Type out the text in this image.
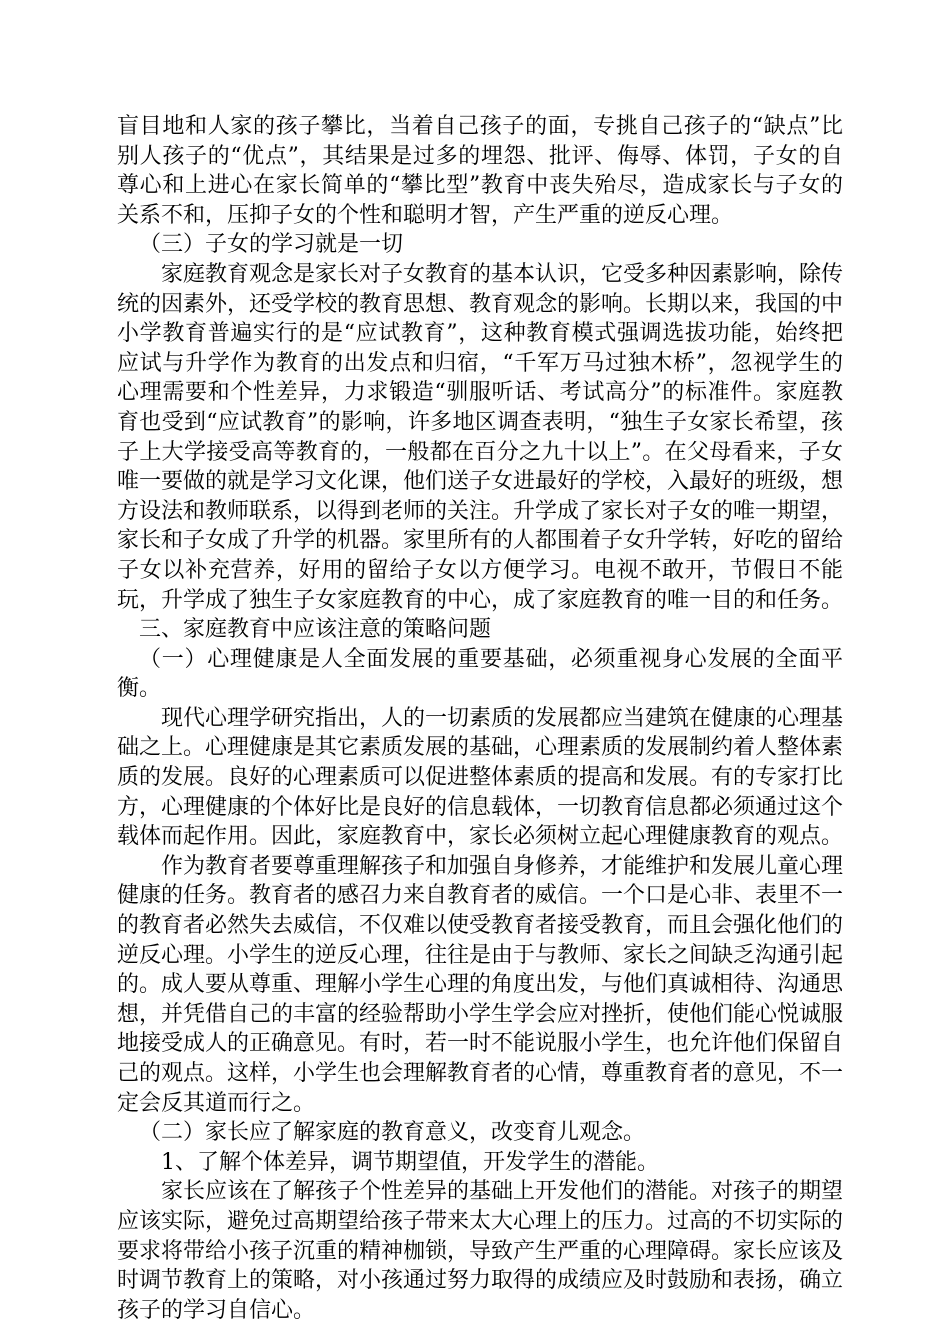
盲目地和人家的孩子攀比，当着自己孩子的面，专挑自己孩子的“缺点”比别人孩子的“优点”，其结果是过多的埋怨、批评、侮辱、体罚，子女的自尊心和上进心在家长简单的“攀比型”教育中丧失殆尽，造成家长与子女的关系不和，压抑子女的个性和聪明才智，产生严重的逆反心理。

（三）子女的学习就是一切

家庭教育观念是家长对子女教育的基本认识，它受多种因素影响，除传统的因素外，还受学校的教育思想、教育观念的影响。长期以来，我国的中小学教育普遍实行的是“应试教育”，这种教育模式强调选拔功能，始终把应试与升学作为教育的出发点和归宿，“千军万马过独木桥”，忽视学生的心理需要和个性差异，力求锻造“驯服听话、考试高分”的标准件。家庭教育也受到“应试教育”的影响，许多地区调查表明，“独生子女家长希望，孩子上大学接受高等教育的，一般都在百分之九十以上”。在父母看来，子女唯一要做的就是学习文化课，他们送子女进最好的学校，入最好的班级，想方设法和教师联系，以得到老师的关注。升学成了家长对子女的唯一期望，家长和子女成了升学的机器。家里所有的人都围着子女升学转，好吃的留给子女以补充营养，好用的留给子女以方便学习。电视不敢开，节假日不能玩，升学成了独生子女家庭教育的中心，成了家庭教育的唯一目的和任务。

三、家庭教育中应该注意的策略问题

（一）心理健康是人全面发展的重要基础，必须重视身心发展的全面平衡。

现代心理学研究指出，人的一切素质的发展都应当建筑在健康的心理基础之上。心理健康是其它素质发展的基础，心理素质的发展制约着人整体素质的发展。良好的心理素质可以促进整体素质的提高和发展。有的专家打比方，心理健康的个体好比是良好的信息载体，一切教育信息都必须通过这个载体而起作用。因此，家庭教育中，家长必须树立起心理健康教育的观点。

作为教育者要尊重理解孩子和加强自身修养，才能维护和发展儿童心理健康的任务。教育者的感召力来自教育者的威信。一个口是心非、表里不一的教育者必然失去威信，不仅难以使受教育者接受教育，而且会强化他们的逆反心理。小学生的逆反心理，往往是由于与教师、家长之间缺乏沟通引起的。成人要从尊重、理解小学生心理的角度出发，与他们真诚相待、沟通思想，并凭借自己的丰富的经验帮助小学生学会应对挫折，使他们能心悦诚服地接受成人的正确意见。有时，若一时不能说服小学生，也允许他们保留自己的观点。这样，小学生也会理解教育者的心情，尊重教育者的意见，不一定会反其道而行之。

（二）家长应了解家庭的教育意义，改变育儿观念。

1、了解个体差异，调节期望值，开发学生的潜能。

家长应该在了解孩子个性差异的基础上开发他们的潜能。对孩子的期望应该实际，避免过高期望给孩子带来太大心理上的压力。过高的不切实际的要求将带给小孩子沉重的精神枷锁，导致产生严重的心理障碍。家长应该及时调节教育上的策略，对小孩通过努力取得的成绩应及时鼓励和表扬，确立孩子的学习自信心。
